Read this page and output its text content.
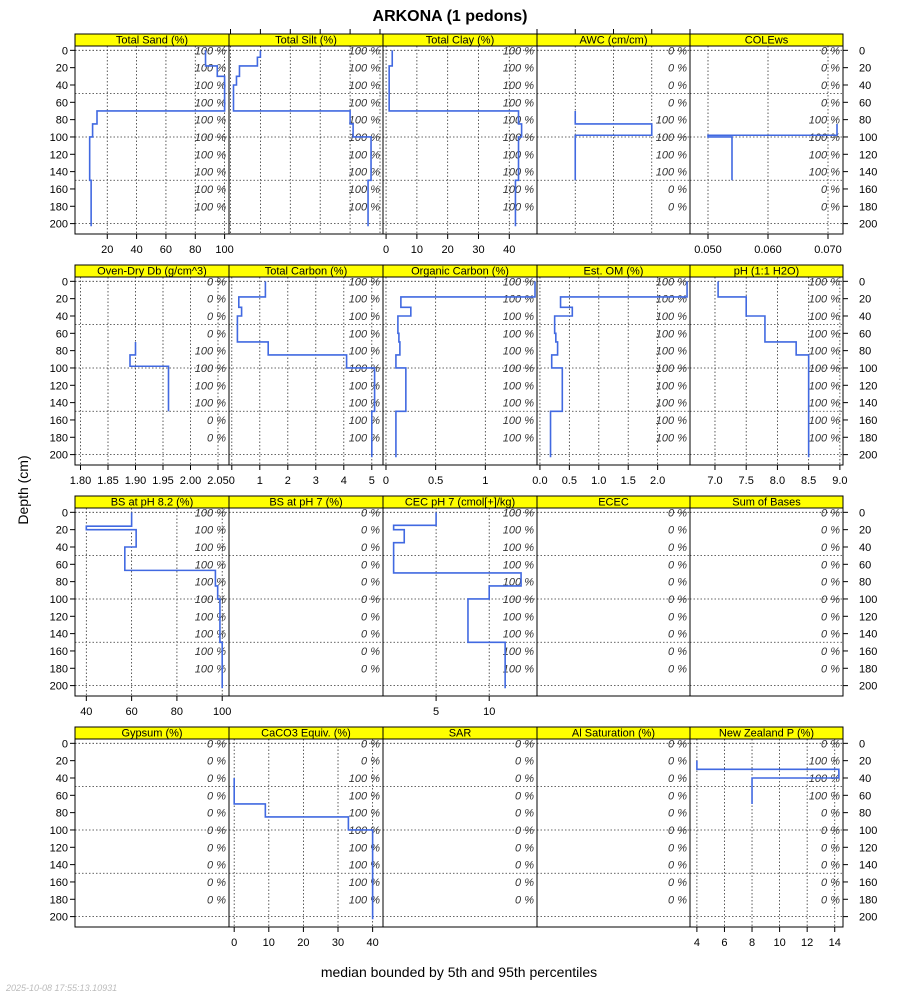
ARKONA (1 pedons)
median bounded by 5th and 95th percentiles
Depth (cm)
2025-10-08 17:55:13.10931
Total Sand (%)
100 %
100 %
100 %
100 %
100 %
100 %
100 %
100 %
100 %
100 %
20 40 60 80 100
0
20
40
60
80
100
120
140
160
180
200
Total Silt (%)
100 %
100 %
100 %
100 %
100 %
100 %
100 %
100 %
100 %
100 %
Total Clay (%)
100 %
100 %
100 %
100 %
100 %
100 %
100 %
100 %
100 %
100 %
0 10 20 30 40
AWC (cm/cm)
0 %
0 %
0 %
0 %
100 %
100 %
100 %
100 %
0 %
0 %
COLEws
0 %
0 %
0 %
0 %
100 %
100 %
100 %
100 %
0 %
0 %
0.050	0.060	0.070
0
20
40
60
80
100
120
140
160
180
200
Oven-Dry Db (g/cm^3)
0 %
0 %
0 %
0 %
100 %
100 %
100 %
100 %
0 %
0 %
1.80 1.85 1.90 1.95 2.00 2.05
0
20
40
60
80
100
120
140
160
180
200
Total Carbon (%)
100 %
100 %
100 %
100 %
100 %
100 %
100 %
100 %
100 %
100 %
0 1 2 3 4 5
Organic Carbon (%)
100 %
100 %
100 %
100 %
100 %
100 %
100 %
100 %
100 %
100 %
0	0.5	1
Est. OM (%)
100 %
100 %
100 %
100 %
100 %
100 %
100 %
100 %
100 %
100 %
0.0 0.5 1.0 1.5 2.0
pH (1:1 H2O)
100 %
100 %
100 %
100 %
100 %
100 %
100 %
100 %
100 %
100 %
7.0 7.5 8.0 8.5 9.0
0
20
40
60
80
100
120
140
160
180
200
BS at pH 8.2 (%)
100 %
100 %
100 %
100 %
100 %
100 %
100 %
100 %
100 %
100 %
40	60	80	100
0
20
40
60
80
100
120
140
160
180
200
BS at pH 7 (%)
0 %
0 %
0 %
0 %
0 %
0 %
0 %
0 %
0 %
0 %
CEC pH 7 (cmol[+]/kg)
100 %
100 %
100 %
100 %
100 %
100 %
100 %
100 %
100 %
100 %
5	10
ECEC
0 %
0 %
0 %
0 %
0 %
0 %
0 %
0 %
0 %
0 %
Sum of Bases
0 %
0 %
0 %
0 %
0 %
0 %
0 %
0 %
0 %
0 %
0
20
40
60
80
100
120
140
160
180
200
Gypsum (%)
0 %
0 %
0 %
0 %
0 %
0 %
0 %
0 %
0 %
0 %
0
20
40
60
80
100
120
140
160
180
200
CaCO3 Equiv. (%)
0 %
0 %
100 %
100 %
100 %
100 %
100 %
100 %
100 %
100 %
0 10 20 30 40
SAR
0 %
0 %
0 %
0 %
0 %
0 %
0 %
0 %
0 %
0 %
Al Saturation (%)
0 %
0 %
0 %
0 %
0 %
0 %
0 %
0 %
0 %
0 %
New Zealand P (%)
0 %
100 %
100 %
100 %
0 %
0 %
0 %
0 %
0 %
0 %
4 6 8 10 12 14
0
20
40
60
80
100
120
140
160
180
200
